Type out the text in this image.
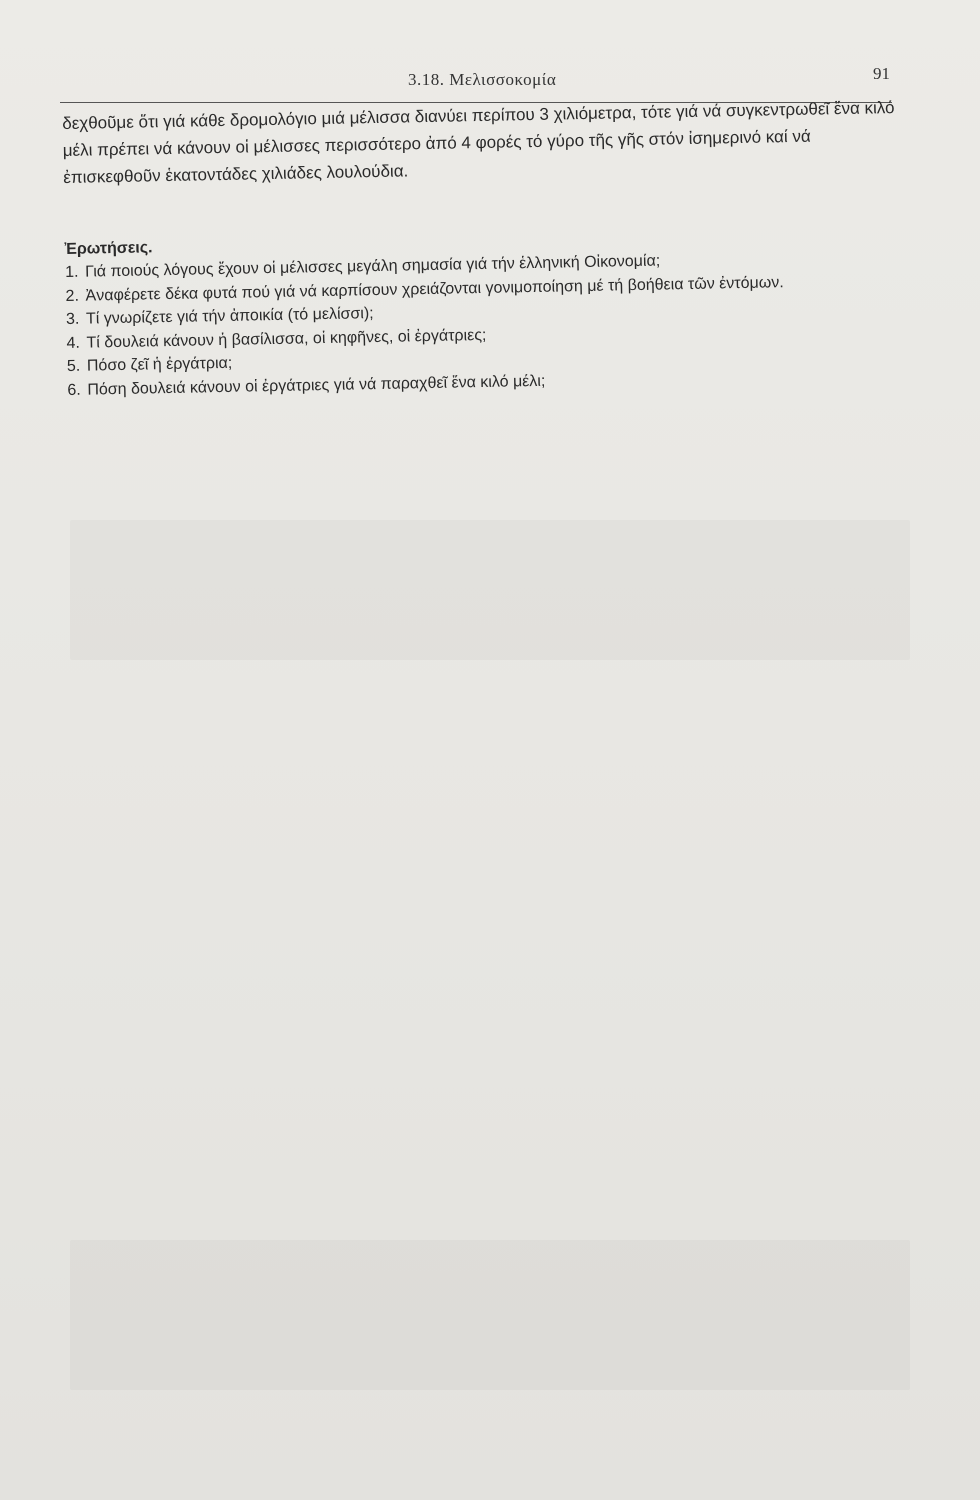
3.18. Μελισσοκομία	91

δεχθοῦμε ὅτι γιά κάθε δρομολόγιο μιά μέλισσα διανύει περίπου 3 χιλιόμετρα, τότε γιά νά συγκεντρωθεῖ ἕνα κιλό μέλι πρέπει νά κάνουν οἱ μέλισσες περισσότερο ἀπό 4 φορές τό γύρο τῆς γῆς στόν ἰσημερινό καί νά ἐπισκεφθοῦν ἑκατοντάδες χιλιάδες λουλούδια.

Ἐρωτήσεις.
1. Γιά ποιούς λόγους ἔχουν οἱ μέλισσες μεγάλη σημασία γιά τήν ἑλληνική Οἰκονομία;
2. Ἀναφέρετε δέκα φυτά πού γιά νά καρπίσουν χρειάζονται γονιμοποίηση μέ τή βοήθεια τῶν ἐντόμων.
3. Τί γνωρίζετε γιά τήν ἀποικία (τό μελίσσι);
4. Τί δουλειά κάνουν ἡ βασίλισσα, οἱ κηφῆνες, οἱ ἐργάτριες;
5. Πόσο ζεῖ ἡ ἐργάτρια;
6. Πόση δουλειά κάνουν οἱ ἐργάτριες γιά νά παραχθεῖ ἕνα κιλό μέλι;
